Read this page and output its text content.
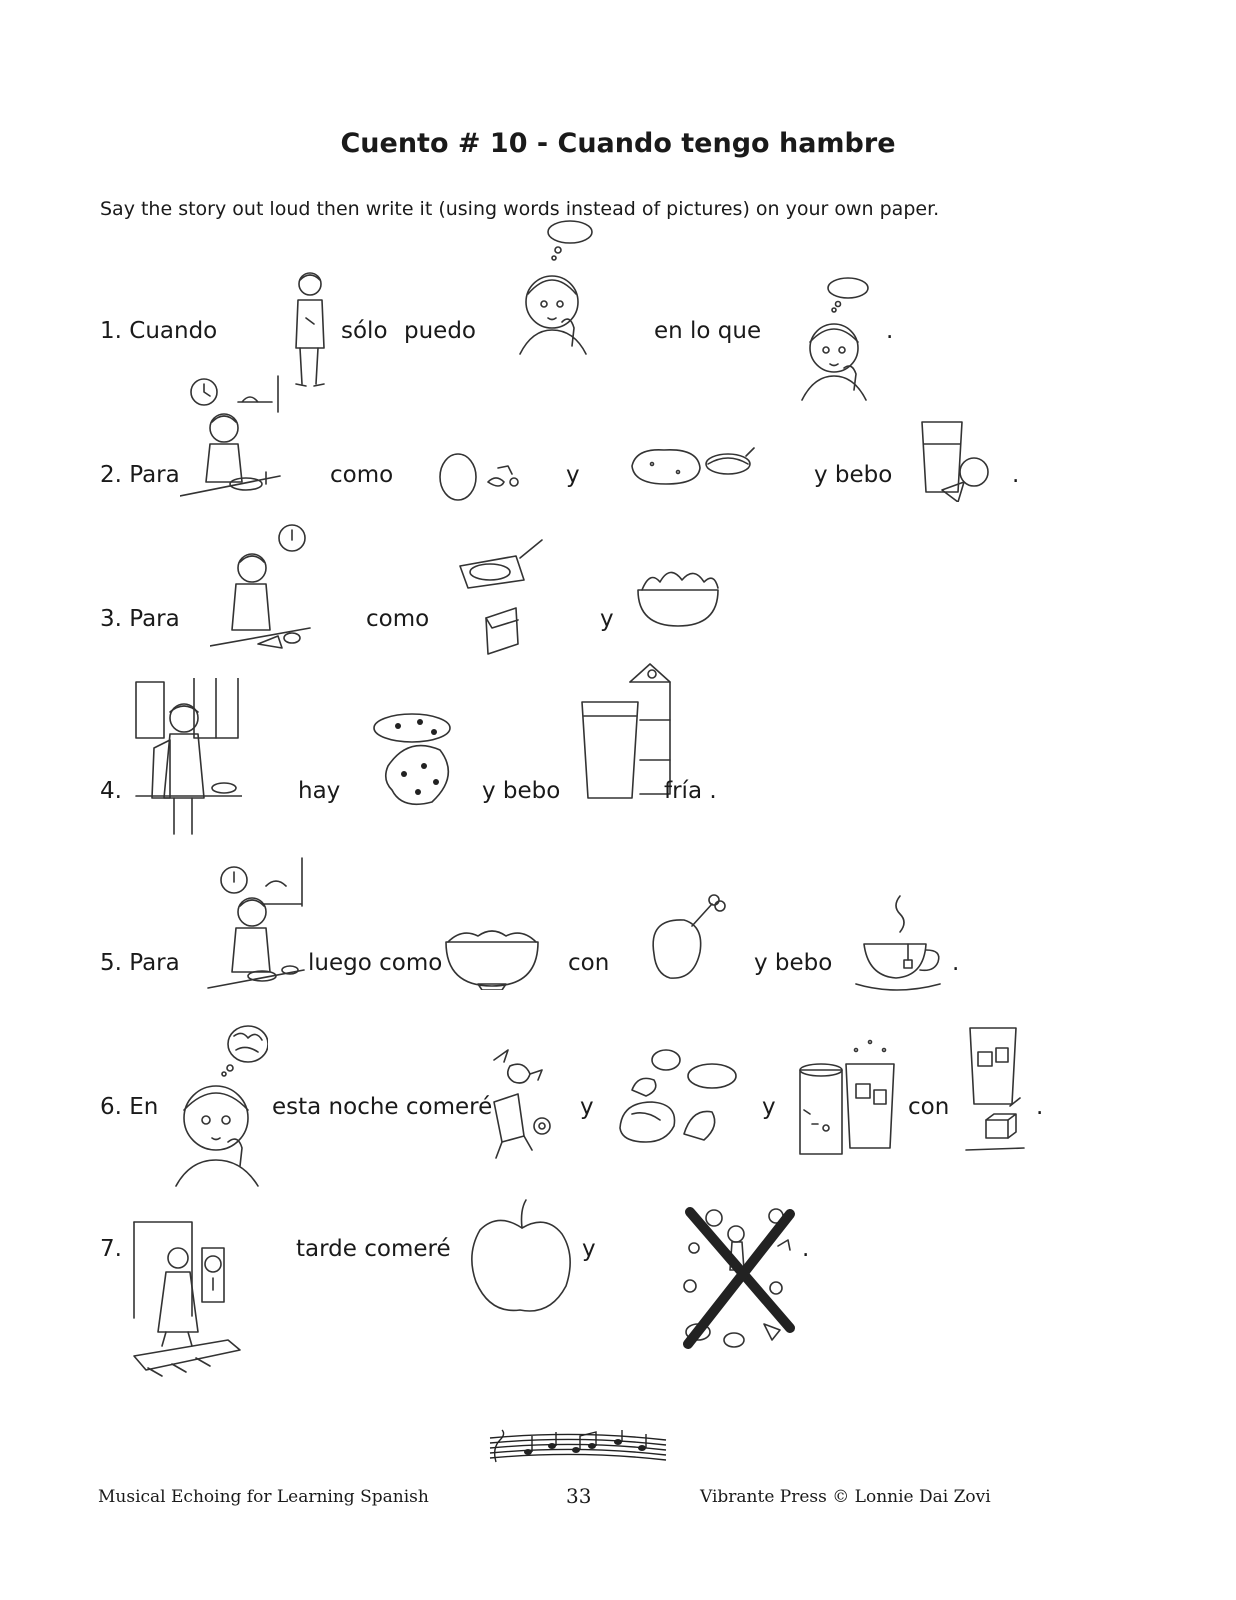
Cuento # 10 - Cuando tengo hambre
Say the story out loud then write it (using words instead of pictures) on your own paper.
1. Cuando	sólo puedo	en lo que	.
2. Para	como	y	y bebo	.
3. Para	como	y
4.	hay	y bebo	fría .
5. Para	luego como	con	y bebo	.
6. En	esta noche comeré	y	y	con	.
7.	tarde comeré	y	.
Musical Echoing for Learning Spanish	33	Vibrante Press © Lonnie Dai Zovi
